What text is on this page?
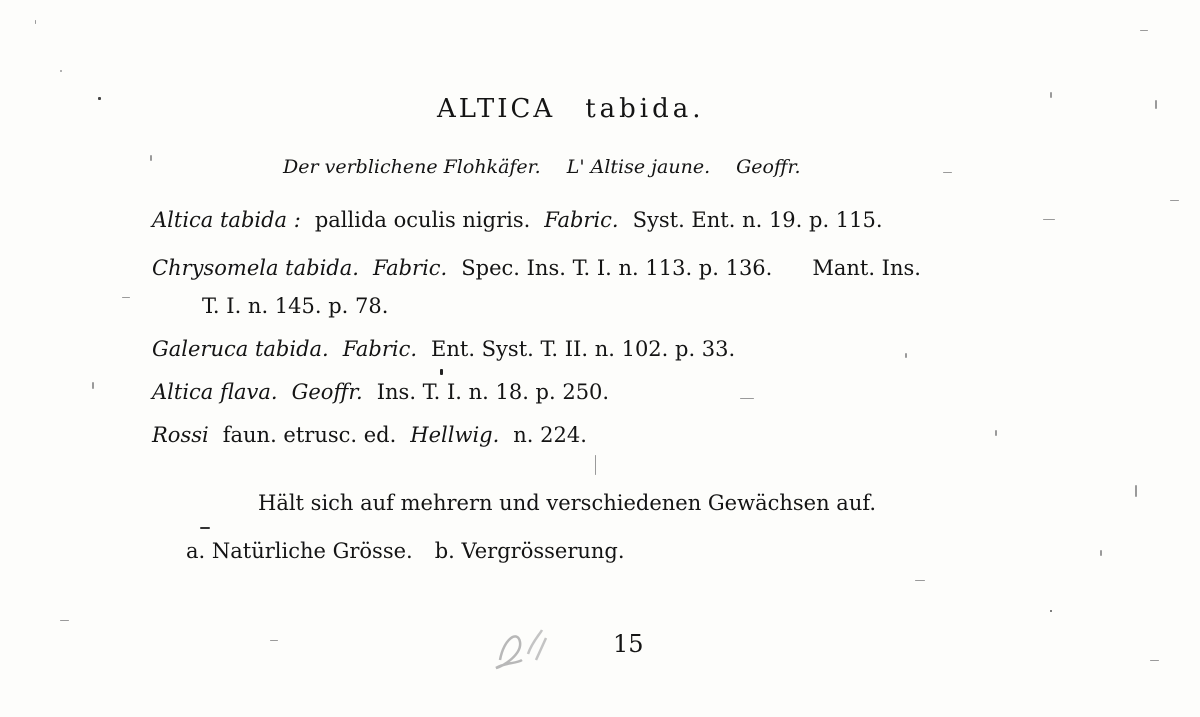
ALTICA tabida.
Der verblichene Flohkäfer. L' Altise jaune. Geoffr.
Altica tabida : pallida oculis nigris. Fabric. Syst. Ent. n. 19. p. 115.
Chrysomela tabida. Fabric. Spec. Ins. T. I. n. 113. p. 136. Mant. Ins.
T. I. n. 145. p. 78.
Galeruca tabida. Fabric. Ent. Syst. T. II. n. 102. p. 33.
Altica flava. Geoffr. Ins. T. I. n. 18. p. 250.
Rossi faun. etrusc. ed. Hellwig. n. 224.
Hält sich auf mehrern und verschiedenen Gewächsen auf.
a. Natürliche Grösse. b. Vergrösserung.
15
